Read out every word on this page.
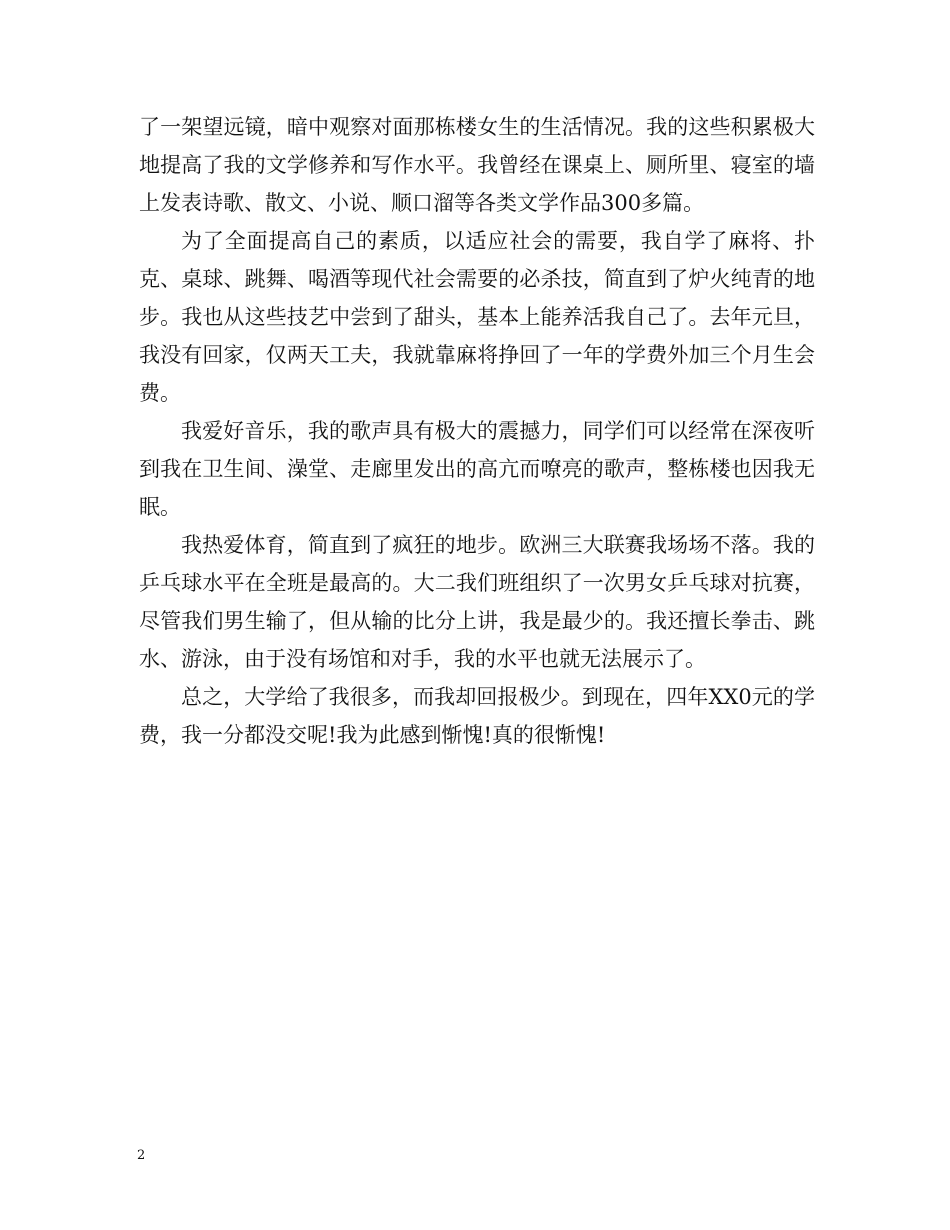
了一架望远镜，暗中观察对面那栋楼女生的生活情况。我的这些积累极大地提高了我的文学修养和写作水平。我曾经在课桌上、厕所里、寝室的墙上发表诗歌、散文、小说、顺口溜等各类文学作品300多篇。

为了全面提高自己的素质，以适应社会的需要，我自学了麻将、扑克、桌球、跳舞、喝酒等现代社会需要的必杀技，简直到了炉火纯青的地步。我也从这些技艺中尝到了甜头，基本上能养活我自己了。去年元旦，我没有回家，仅两天工夫，我就靠麻将挣回了一年的学费外加三个月生会费。

我爱好音乐，我的歌声具有极大的震撼力，同学们可以经常在深夜听到我在卫生间、澡堂、走廊里发出的高亢而嘹亮的歌声，整栋楼也因我无眠。

我热爱体育，简直到了疯狂的地步。欧洲三大联赛我场场不落。我的乒乓球水平在全班是最高的。大二我们班组织了一次男女乒乓球对抗赛，尽管我们男生输了，但从输的比分上讲，我是最少的。我还擅长拳击、跳水、游泳，由于没有场馆和对手，我的水平也就无法展示了。

总之，大学给了我很多，而我却回报极少。到现在，四年XX0元的学费，我一分都没交呢!我为此感到惭愧!真的很惭愧!

2
